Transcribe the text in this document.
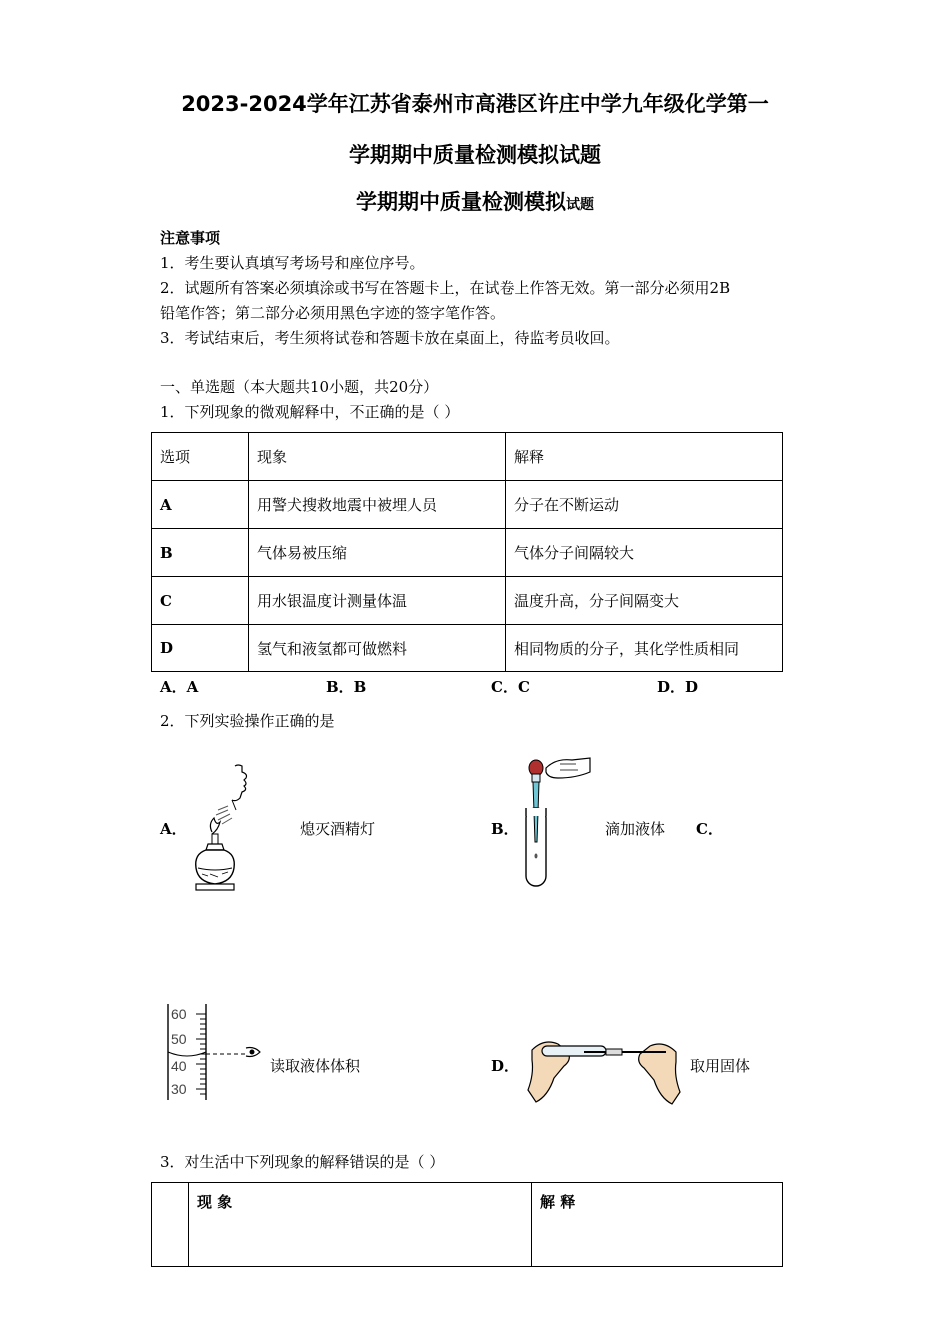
2023-2024学年江苏省泰州市高港区许庄中学九年级化学第一
学期期中质量检测模拟试题
学期期中质量检测模拟试题
注意事项
1．考生要认真填写考场号和座位序号。
2．试题所有答案必须填涂或书写在答题卡上，在试卷上作答无效。第一部分必须用2B
铅笔作答；第二部分必须用黑色字迹的签字笔作答。
3．考试结束后，考生须将试卷和答题卡放在桌面上，待监考员收回。
一、单选题（本大题共10小题，共20分）
1．下列现象的微观解释中，不正确的是（ ）
选项	现象	解释
A	用警犬搜救地震中被埋人员	分子在不断运动
B	气体易被压缩	气体分子间隔较大
C	用水银温度计测量体温	温度升高，分子间隔变大
D	氢气和液氢都可做燃料	相同物质的分子，其化学性质相同
A．A	B．B	C．C	D．D
2．下列实验操作正确的是
A．	熄灭酒精灯	B．	滴加液体 C．
60
50
40
30
读取液体体积	D．	取用固体
3．对生活中下列现象的解释错误的是（ ）
	现 象	解 释
